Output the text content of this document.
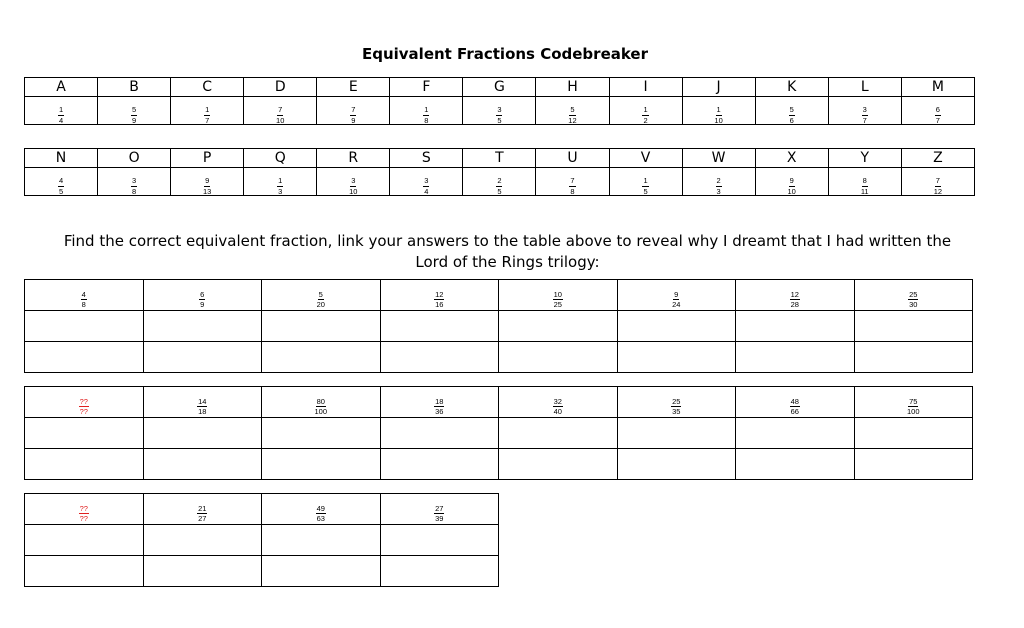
Equivalent Fractions Codebreaker
A	B	C	D	E	F	G	H	I	J	K	L	M

$\frac{1}{4}$	$\frac{5}{9}$	$\frac{1}{7}$	$\frac{7}{10}$	$\frac{7}{9}$	$\frac{1}{8}$	$\frac{3}{5}$	$\frac{5}{12}$	$\frac{1}{2}$	$\frac{1}{10}$	$\frac{5}{6}$	$\frac{3}{7}$	$\frac{6}{7}$
N	O	P	Q	R	S	T	U	V	W	X	Y	Z

$\frac{4}{5}$	$\frac{3}{8}$	$\frac{9}{13}$	$\frac{1}{3}$	$\frac{3}{10}$	$\frac{3}{4}$	$\frac{2}{5}$	$\frac{7}{8}$	$\frac{1}{5}$	$\frac{2}{3}$	$\frac{9}{10}$	$\frac{8}{11}$	$\frac{7}{12}$
Find the correct equivalent fraction, link your answers to the table above to reveal why I dreamt that I had written the
Lord of the Rings trilogy:
$\frac{4}{8}$	$\frac{6}{9}$	$\frac{5}{20}$	$\frac{12}{16}$	$\frac{10}{25}$	$\frac{9}{24}$	$\frac{12}{28}$	$\frac{25}{30}$

$\frac{??}{??}$	$\frac{14}{18}$	$\frac{80}{100}$	$\frac{18}{36}$	$\frac{32}{40}$	$\frac{25}{35}$	$\frac{48}{66}$	$\frac{75}{100}$

$\frac{??}{??}$	$\frac{21}{27}$	$\frac{49}{63}$	$\frac{27}{39}$
